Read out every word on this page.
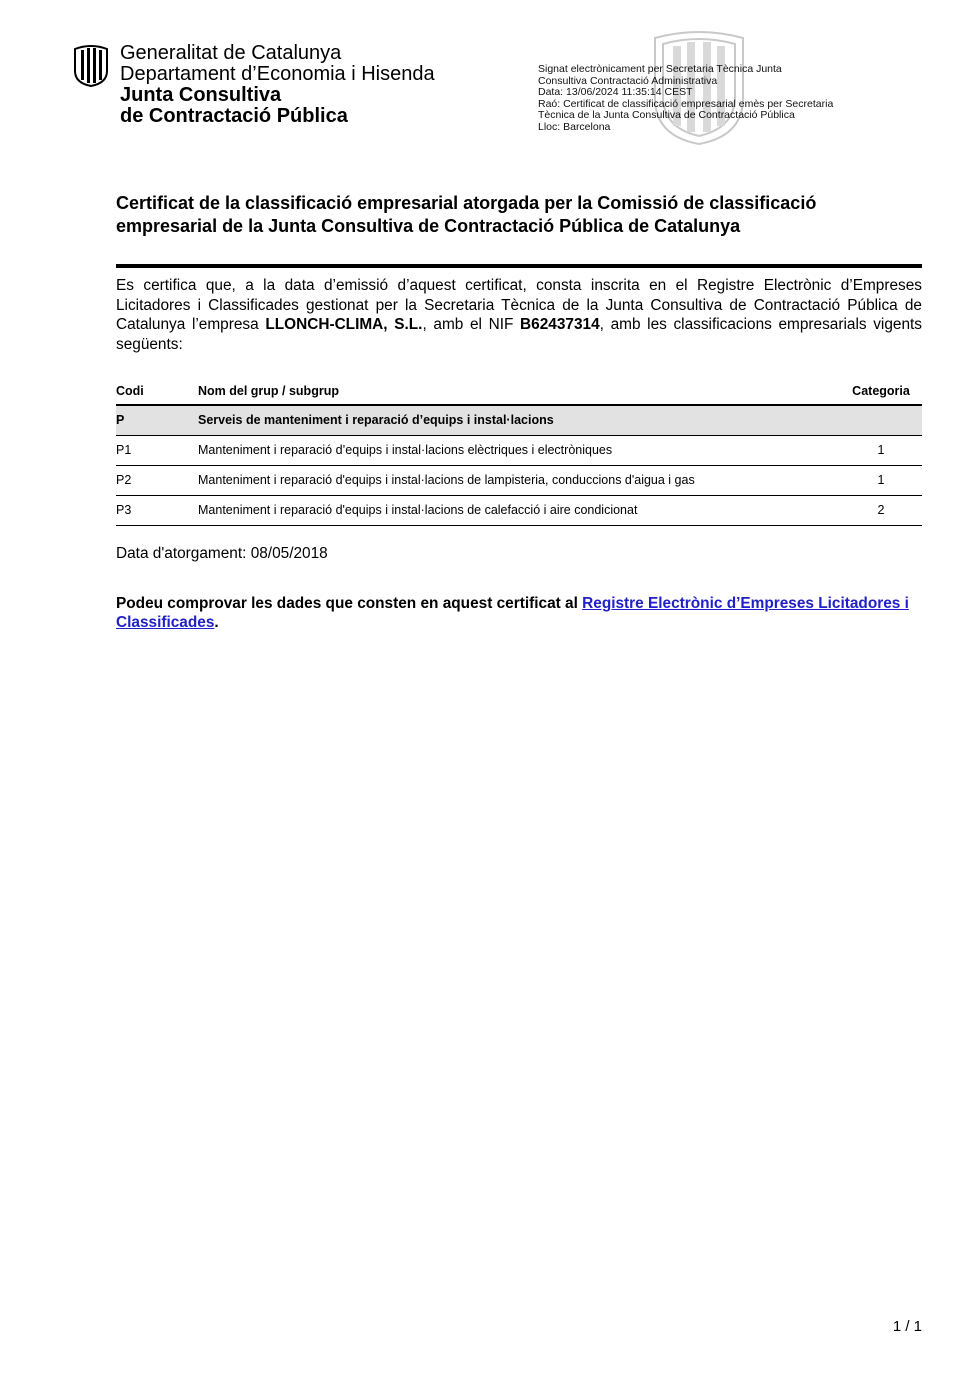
Generalitat de Catalunya
Departament d’Economia i Hisenda
Junta Consultiva
de Contractació Pública
Signat electrònicament per Secretaria Tècnica Junta
Consultiva Contractació Administrativa
Data: 13/06/2024 11:35:14 CEST
Raó: Certificat de classificació empresarial emès per Secretaria
Tècnica de la Junta Consultiva de Contractació Pública
Lloc: Barcelona
Certificat de la classificació empresarial atorgada per la Comissió de classificació
empresarial de la Junta Consultiva de Contractació Pública de Catalunya
Es certifica que, a la data d’emissió d’aquest certificat, consta inscrita en el Registre Electrònic d’Empreses Licitadores i Classificades gestionat per la Secretaria Tècnica de la Junta Consultiva de Contractació Pública de Catalunya l’empresa LLONCH-CLIMA, S.L., amb el NIF B62437314, amb les classificacions empresarials vigents següents:
Codi	Nom del grup / subgrup	Categoria
P	Serveis de manteniment i reparació d’equips i instal·lacions
P1	Manteniment i reparació d’equips i instal·lacions elèctriques i electròniques	1
P2	Manteniment i reparació d'equips i instal·lacions de lampisteria, conduccions d'aigua i gas	1
P3	Manteniment i reparació d'equips i instal·lacions de calefacció i aire condicionat	2
Data d'atorgament: 08/05/2018
Podeu comprovar les dades que consten en aquest certificat al Registre Electrònic d’Empreses Licitadores i Classificades.
1 / 1
